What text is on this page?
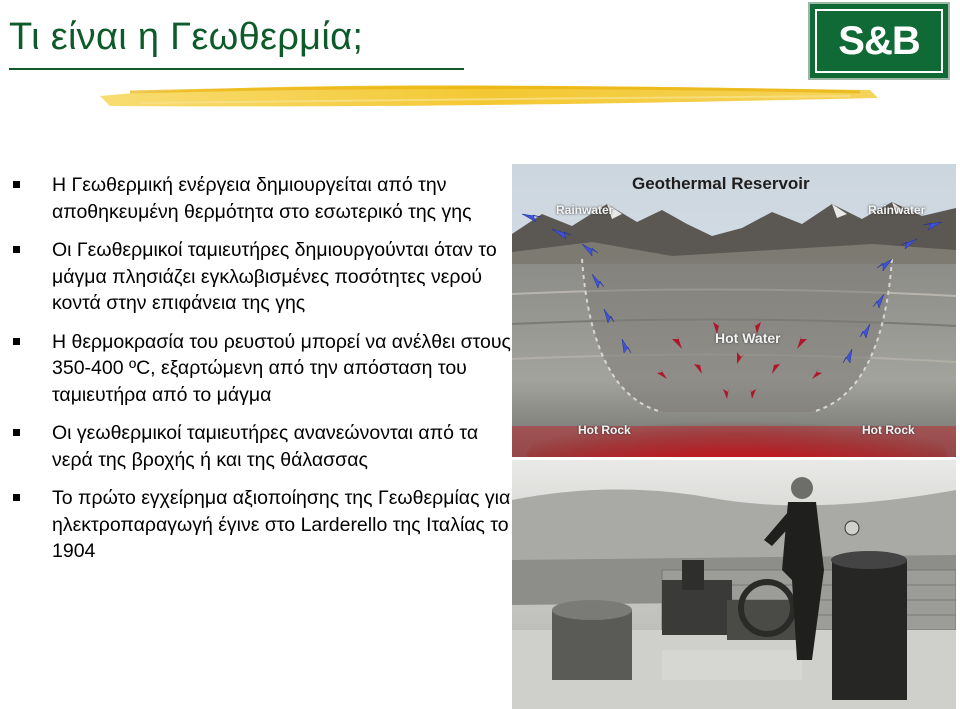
Τι είναι η Γεωθερμία;	S&B
Η Γεωθερμική ενέργεια δημιουργείται από την αποθηκευμένη θερμότητα στο εσωτερικό της γης
Οι Γεωθερμικοί ταμιευτήρες δημιουργούνται όταν το μάγμα πλησιάζει εγκλωβισμένες ποσότητες νερού κοντά στην επιφάνεια της γης
Η θερμοκρασία του ρευστού μπορεί να ανέλθει στους 350-400 ºC, εξαρτώμενη από την απόσταση του ταμιευτήρα από το μάγμα
Οι γεωθερμικοί ταμιευτήρες ανανεώνονται από τα νερά της βροχής ή και της θάλασσας
Το πρώτο εγχείρημα αξιοποίησης της Γεωθερμίας για ηλεκτροπαραγωγή έγινε στο Larderello της Ιταλίας το 1904
Geothermal Reservoir
Rainwater	Rainwater
Hot Water
Hot Rock	Hot Rock
